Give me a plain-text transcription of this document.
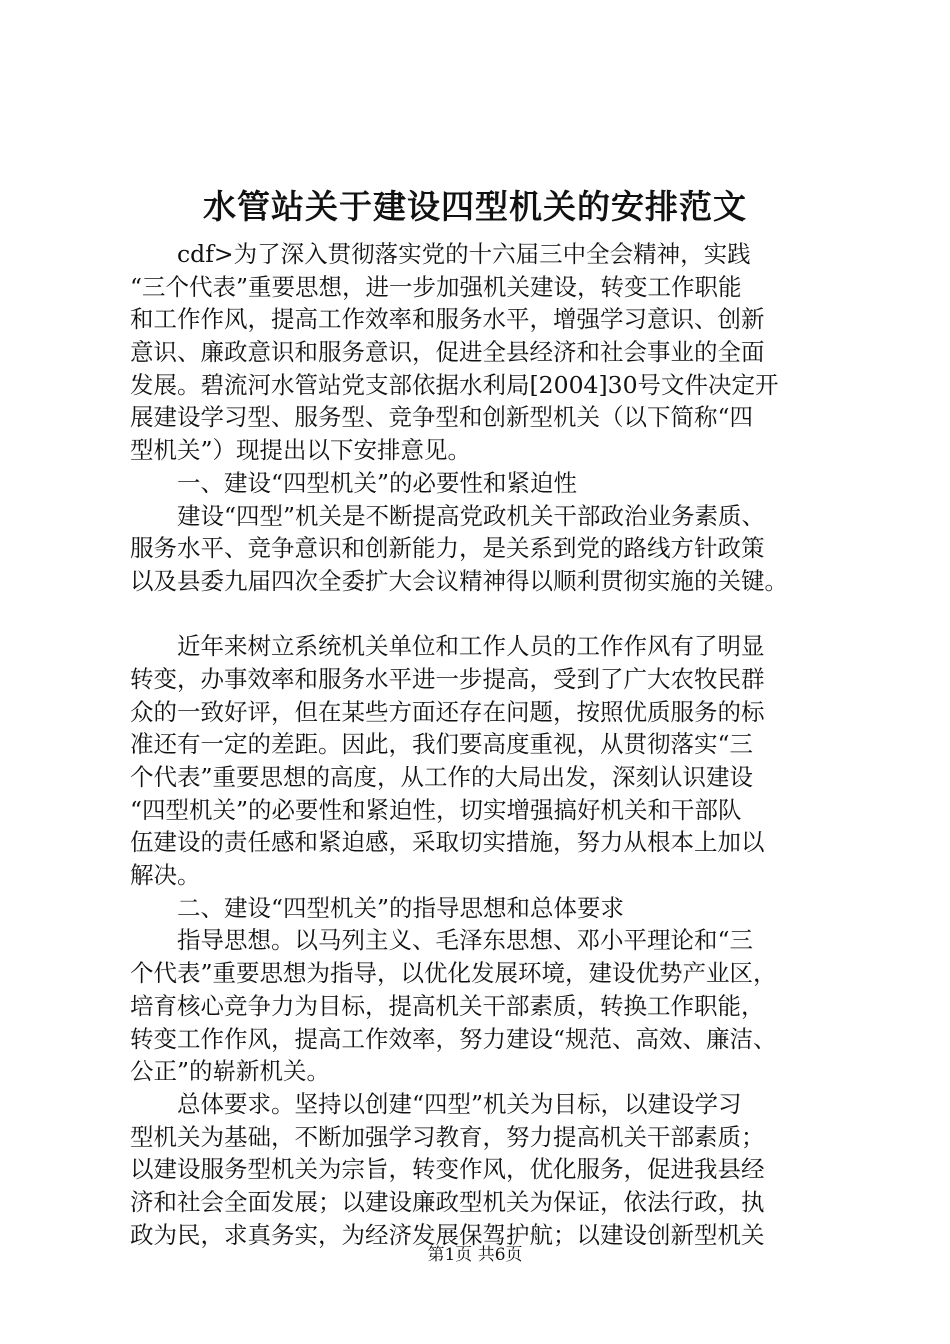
水管站关于建设四型机关的安排范文
cdf>为了深入贯彻落实党的十六届三中全会精神，实践
“三个代表”重要思想，进一步加强机关建设，转变工作职能
和工作作风，提高工作效率和服务水平，增强学习意识、创新
意识、廉政意识和服务意识，促进全县经济和社会事业的全面
发展。碧流河水管站党支部依据水利局[2004]30号文件决定开
展建设学习型、服务型、竞争型和创新型机关（以下简称“四
型机关”）现提出以下安排意见。
一、建设“四型机关”的必要性和紧迫性
建设“四型”机关是不断提高党政机关干部政治业务素质、
服务水平、竞争意识和创新能力，是关系到党的路线方针政策
以及县委九届四次全委扩大会议精神得以顺利贯彻实施的关键。
近年来树立系统机关单位和工作人员的工作作风有了明显
转变，办事效率和服务水平进一步提高，受到了广大农牧民群
众的一致好评，但在某些方面还存在问题，按照优质服务的标
准还有一定的差距。因此，我们要高度重视，从贯彻落实“三
个代表”重要思想的高度，从工作的大局出发，深刻认识建设
“四型机关”的必要性和紧迫性，切实增强搞好机关和干部队
伍建设的责任感和紧迫感，采取切实措施，努力从根本上加以
解决。
二、建设“四型机关”的指导思想和总体要求
指导思想。以马列主义、毛泽东思想、邓小平理论和“三
个代表”重要思想为指导，以优化发展环境，建设优势产业区，
培育核心竞争力为目标，提高机关干部素质，转换工作职能，
转变工作作风，提高工作效率，努力建设“规范、高效、廉洁、
公正”的崭新机关。
总体要求。坚持以创建“四型”机关为目标，以建设学习
型机关为基础，不断加强学习教育，努力提高机关干部素质；
以建设服务型机关为宗旨，转变作风，优化服务，促进我县经
济和社会全面发展；以建设廉政型机关为保证，依法行政，执
政为民，求真务实，为经济发展保驾护航；以建设创新型机关
第1页 共6页
